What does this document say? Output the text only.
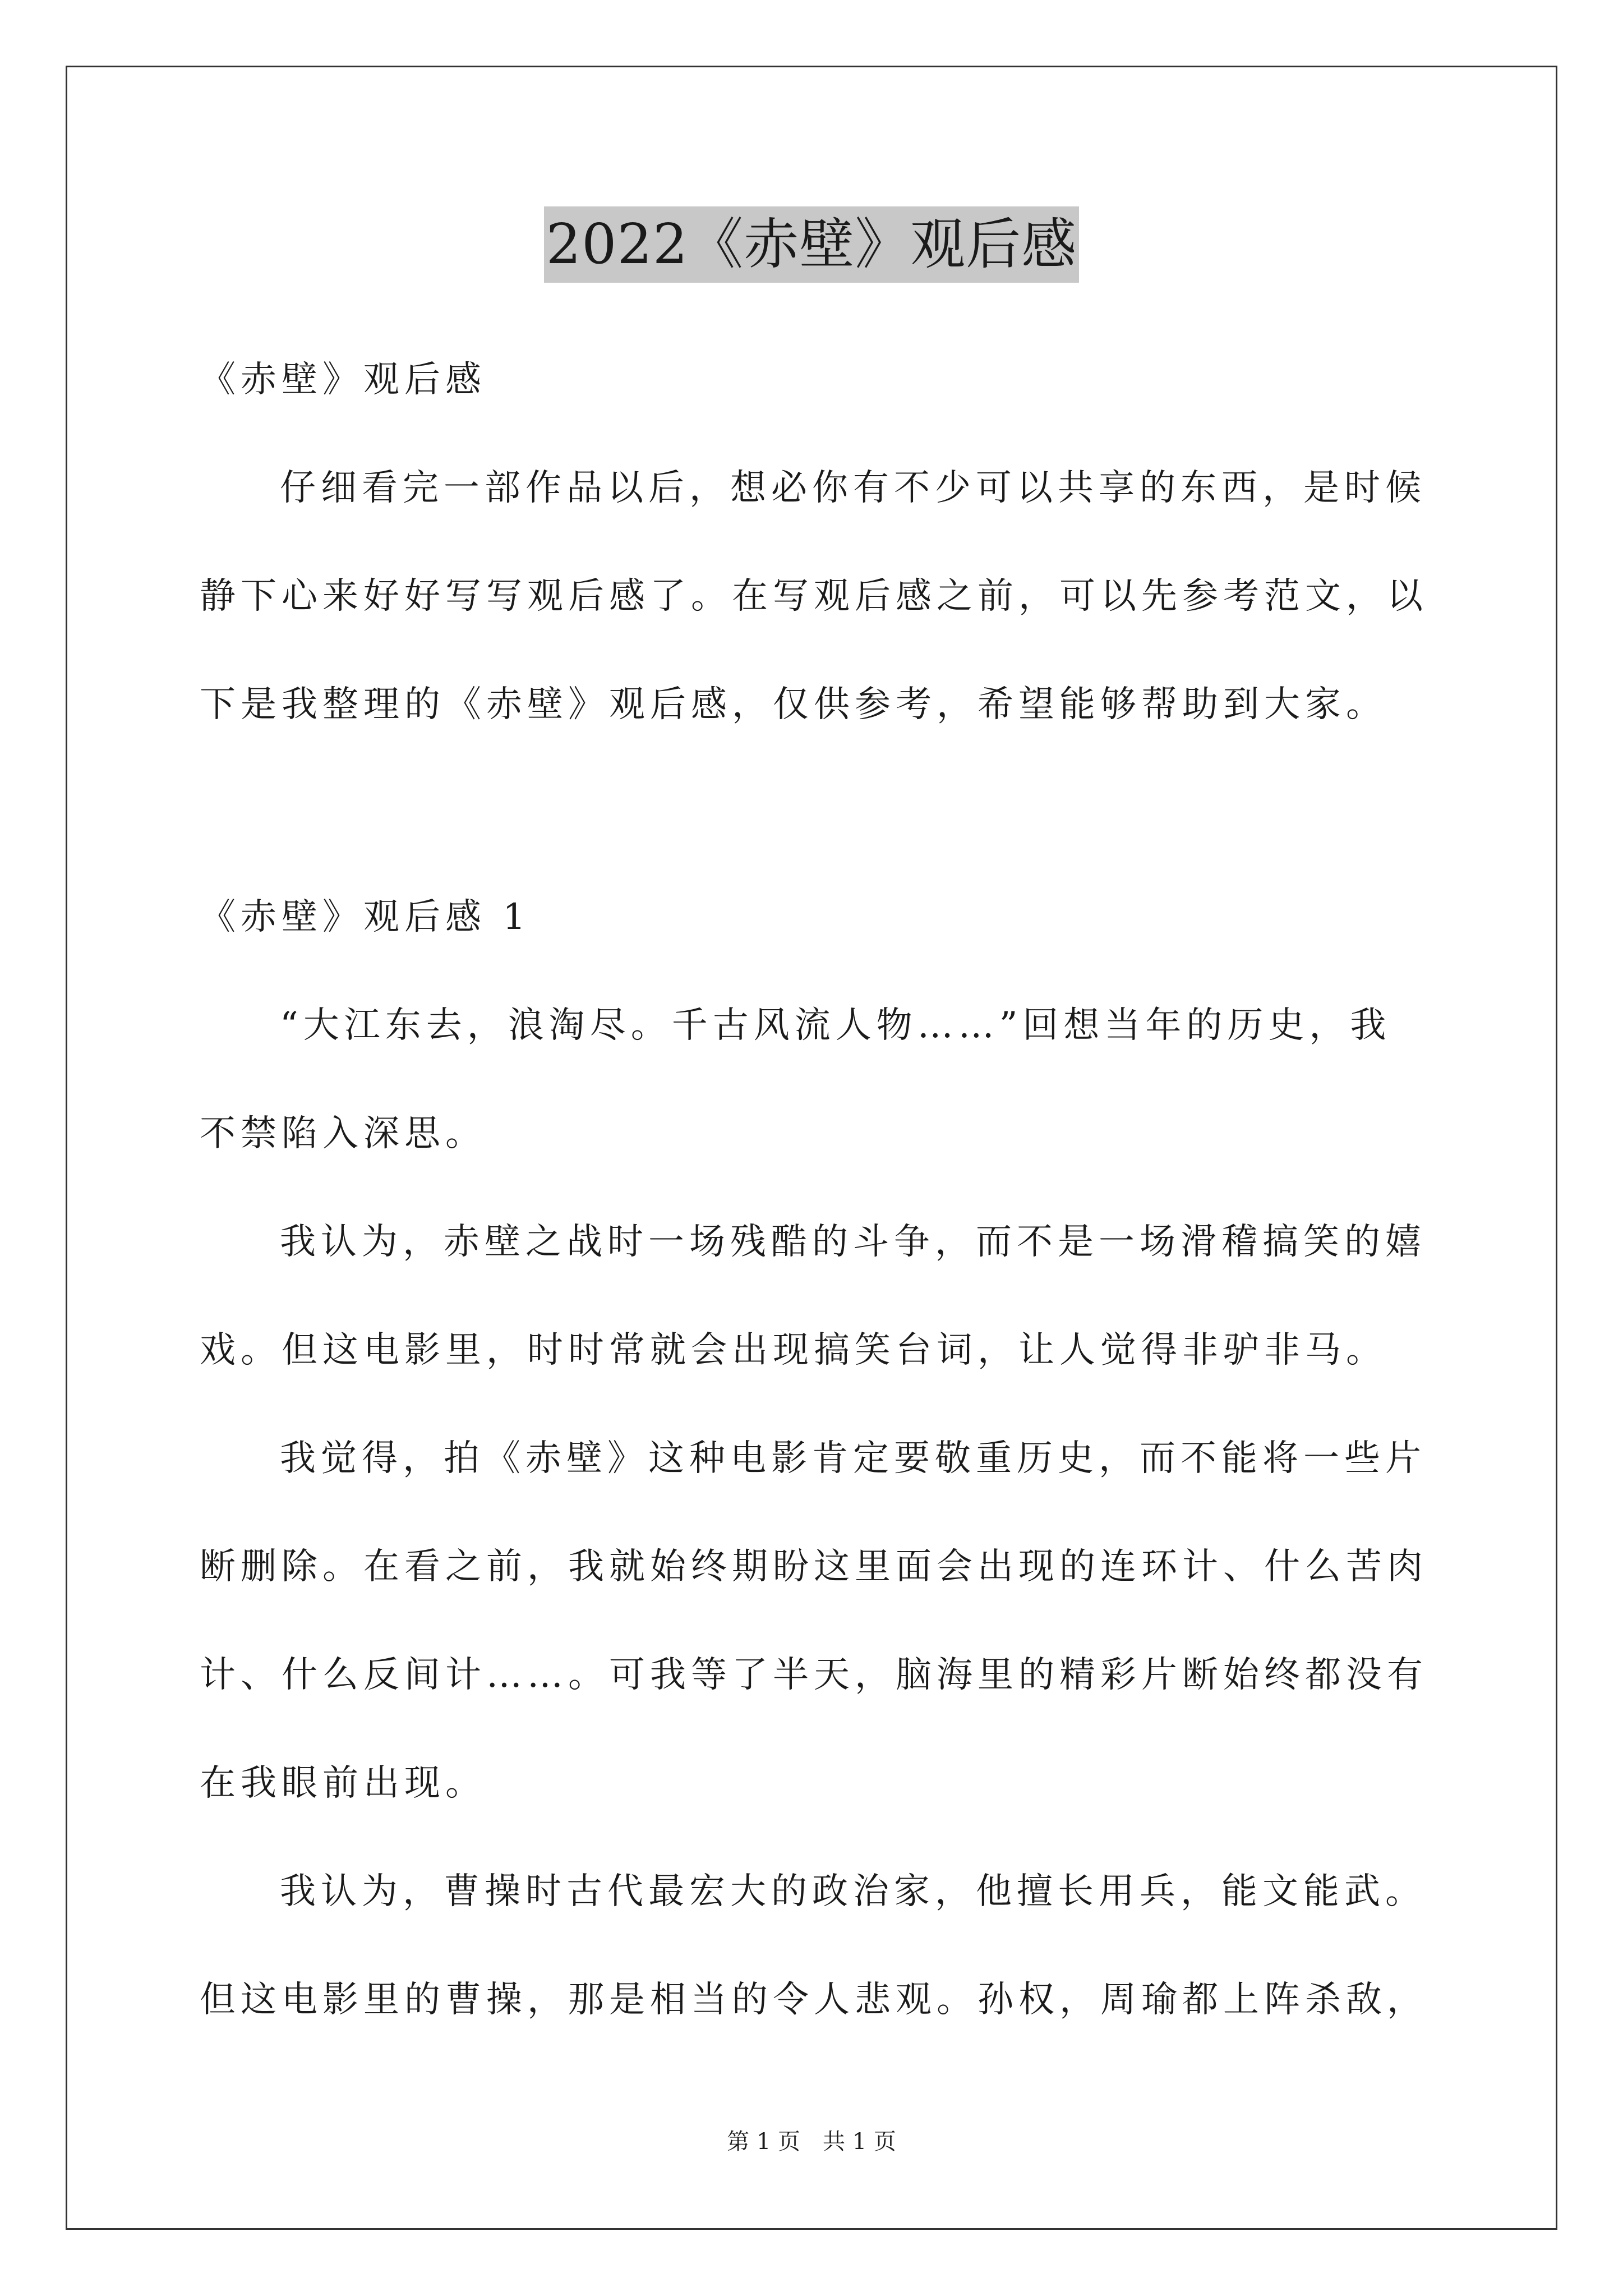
2022《赤壁》观后感
《赤壁》观后感
仔细看完一部作品以后，想必你有不少可以共享的东西，是时候
静下心来好好写写观后感了。在写观后感之前，可以先参考范文，以
下是我整理的《赤壁》观后感，仅供参考，希望能够帮助到大家。
《赤壁》观后感 1
“大江东去，浪淘尽。千古风流人物……”回想当年的历史，我
不禁陷入深思。
我认为，赤壁之战时一场残酷的斗争，而不是一场滑稽搞笑的嬉
戏。但这电影里，时时常就会出现搞笑台词，让人觉得非驴非马。
我觉得，拍《赤壁》这种电影肯定要敬重历史，而不能将一些片
断删除。在看之前，我就始终期盼这里面会出现的连环计、什么苦肉
计、什么反间计……。可我等了半天，脑海里的精彩片断始终都没有
在我眼前出现。
我认为，曹操时古代最宏大的政治家，他擅长用兵，能文能武。
但这电影里的曹操，那是相当的令人悲观。孙权，周瑜都上阵杀敌，
第 1 页　共 1 页
